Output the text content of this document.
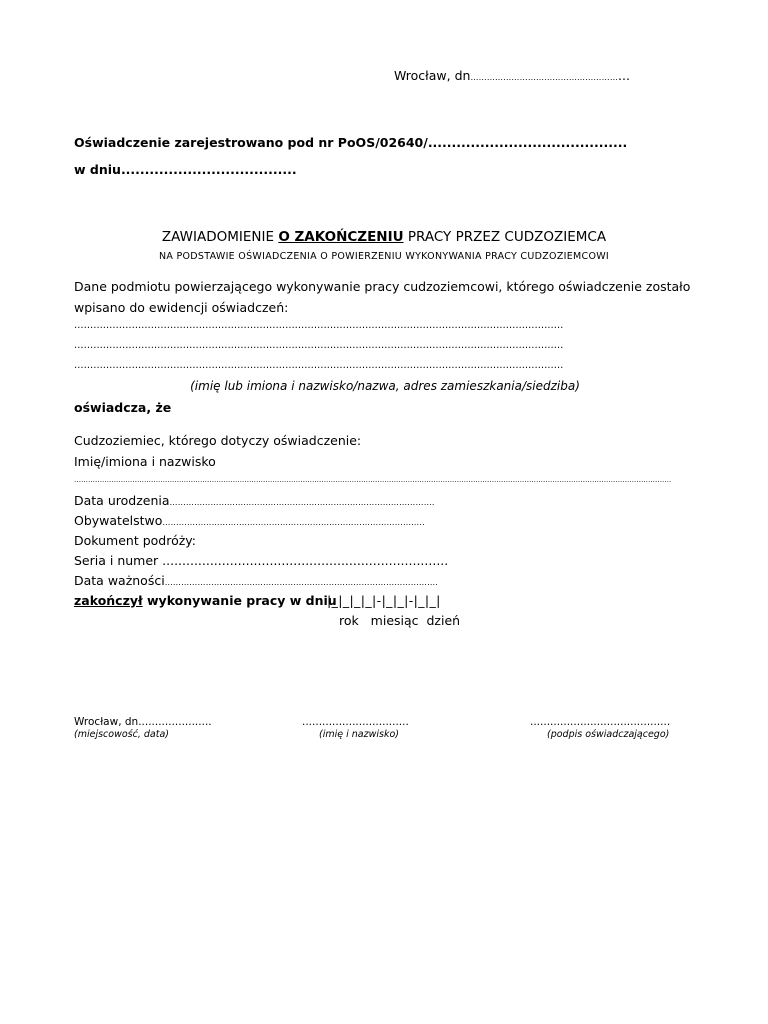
Wrocław, dn………………………………………………...
Oświadczenie zarejestrowano pod nr PoOS/02640/..........................................
w dniu.....................................
ZAWIADOMIENIE O ZAKOŃCZENIU PRACY PRZEZ CUDZOZIEMCA
NA PODSTAWIE OŚWIADCZENIA O POWIERZENIU WYKONYWANIA PRACY CUDZOZIEMCOWI
Dane podmiotu powierzającego wykonywanie pracy cudzoziemcowi, którego oświadczenie zostało
wpisano do ewidencji oświadczeń:
………………………………………………………………………………………………………………………………………
………………………………………………………………………………………………………………………………………
………………………………………………………………………………………………………………………………………
(imię lub imiona i nazwisko/nazwa, adres zamieszkania/siedziba)
oświadcza, że
Cudzoziemiec, którego dotyczy oświadczenie:
Imię/imiona i nazwisko
………………………………………………………………………………………………………………………………………………………………………………………………………………………………….
Data urodzenia…………………………………………………………………………………….
Obywatelstwo……………………….…………………………………………………………..
Dokument podróży:
Seria i numer ........................................................................
Data ważności……………………………………………………………………………………….
zakończył wykonywanie pracy w dniu
|_|_|_|_|-|_|_|-|_|_|
rok   miesiąc  dzień
Wrocław, dn......................
(miejscowość, data)
................................
(imię i nazwisko)
..........................................
(podpis oświadczającego)
